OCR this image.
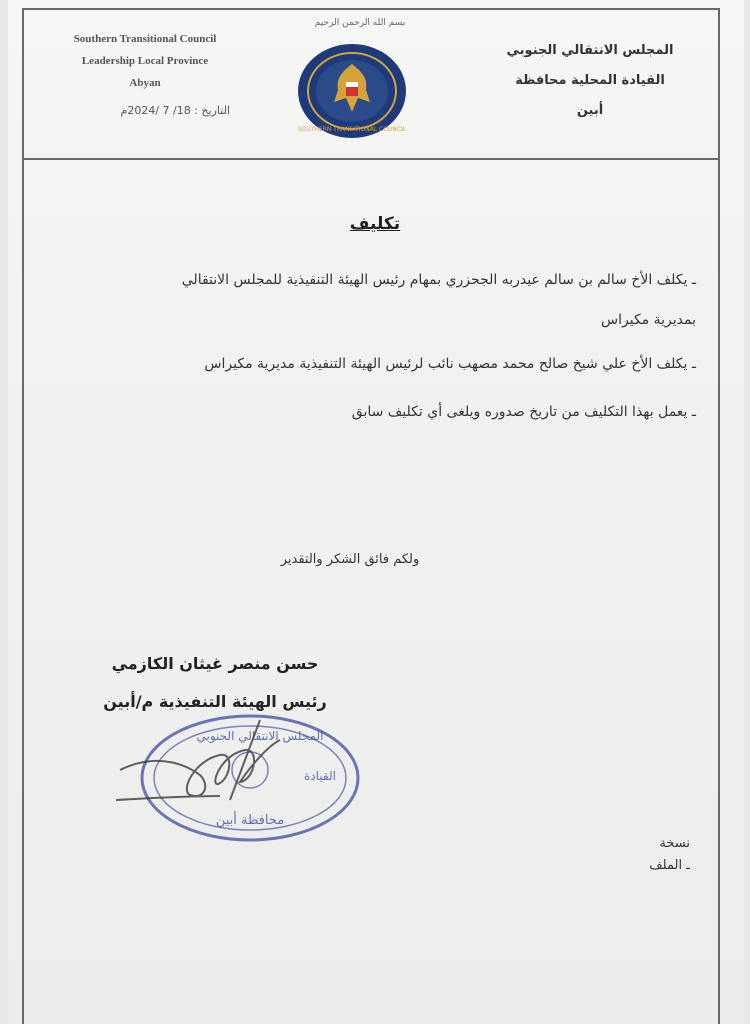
Southern Transitional Council
Leadership Local Province
Abyan
التاريخ : 18/ 7 /2024م
بسم الله الرحمن الرحيم
SOUTHERN TRANSITIONAL COUNCIL
المجلس الانتقالي الجنوبي
القيادة المحلية محافظة
أبين
تكليف
ـ يكلف الأخ سالم بن سالم عيدربه الجحزري بمهام رئيس الهيئة التنفيذية للمجلس الانتقالي
بمديرية مكيراس
ـ يكلف الأخ علي شيخ صالح محمد مصهب نائب لرئيس الهيئة التنفيذية مديرية مكيراس
ـ يعمل بهذا التكليف من تاريخ صدوره ويلغى أي تكليف سابق
ولكم فائق الشكر والتقدير
حسن منصر غيثان الكازمي
رئيس الهيئة التنفيذية م/أبين
المجلس الانتقالي الجنوبي
القيادة
محافظة أبين
نسخة
ـ الملف
